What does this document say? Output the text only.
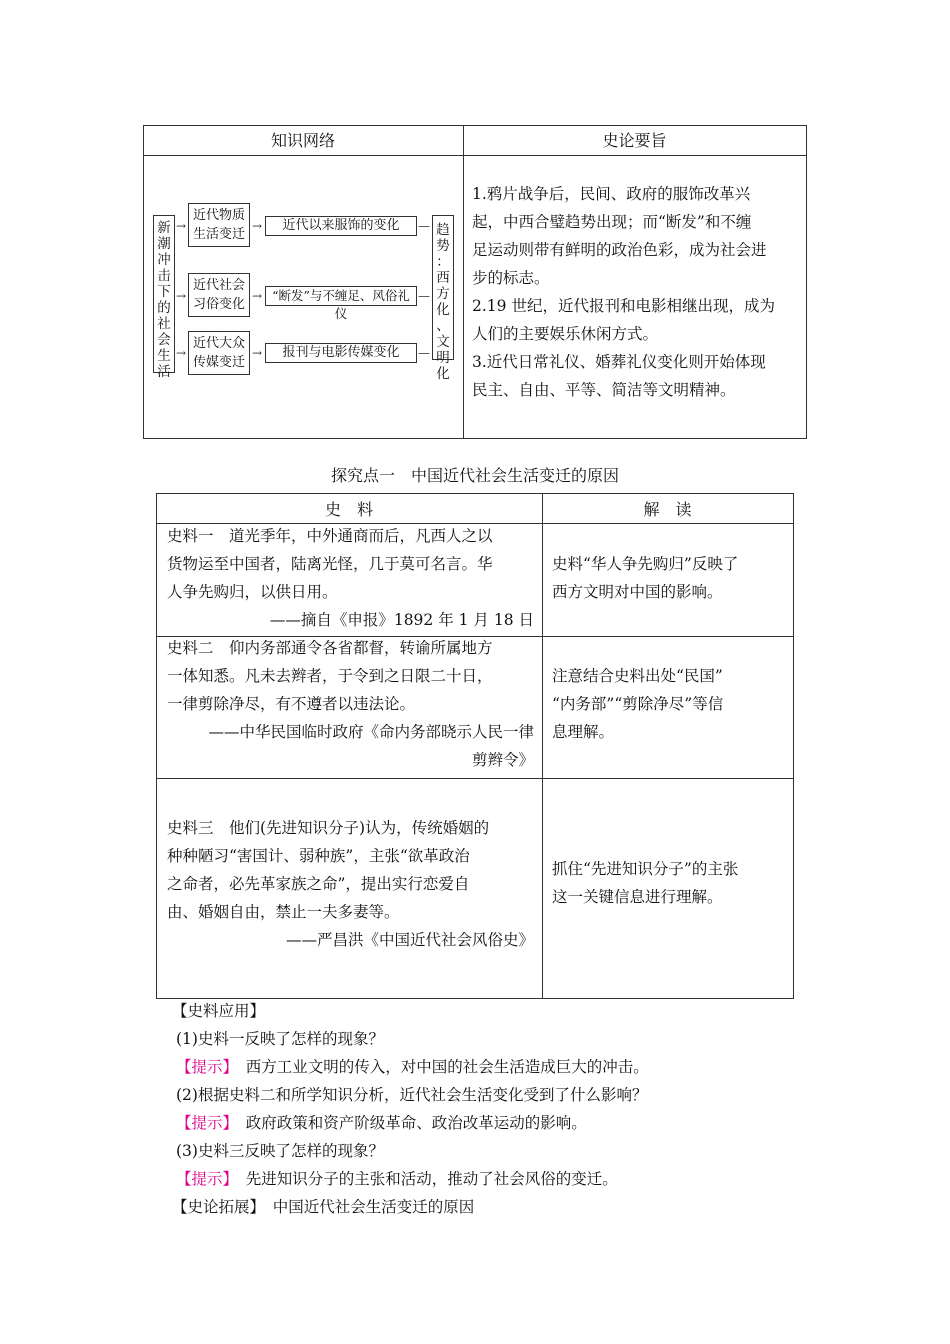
知识网络	史论要旨
新
潮
冲
击
下
的
社
会
生
活
→
→
→
近代物质
生活变迁
近代社会
习俗变化
近代大众
传媒变迁
→
→
→
近代以来服饰的变化
“断发”与不缠足、风俗礼仪
报刊与电影传媒变化
—
—
—
趋
势
：
西
方
化
、
文
明
化
1.鸦片战争后，民间、政府的服饰改革兴
起，中西合璧趋势出现；而“断发”和不缠
足运动则带有鲜明的政治色彩，成为社会进
步的标志。
2.19 世纪，近代报刊和电影相继出现，成为
人们的主要娱乐休闲方式。
3.近代日常礼仪、婚葬礼仪变化则开始体现
民主、自由、平等、简洁等文明精神。
探究点一　中国近代社会生活变迁的原因
史　料	解　读
史料一　道光季年，中外通商而后，凡西人之以
货物运至中国者，陆离光怪，几于莫可名言。华
人争先购归，以供日用。
——摘自《申报》1892 年 1 月 18 日
史料“华人争先购归”反映了
西方文明对中国的影响。
史料二　仰内务部通令各省都督，转谕所属地方
一体知悉。凡未去辫者，于令到之日限二十日，
一律剪除净尽，有不遵者以违法论。
——中华民国临时政府《命内务部晓示人民一律
剪辫令》
注意结合史料出处“民国”
“内务部”“剪除净尽”等信
息理解。
史料三　他们(先进知识分子)认为，传统婚姻的
种种陋习“害国计、弱种族”，主张“欲革政治
之命者，必先革家族之命”，提出实行恋爱自
由、婚姻自由，禁止一夫多妻等。
——严昌洪《中国近代社会风俗史》
抓住“先进知识分子”的主张
这一关键信息进行理解。
【史料应用】
(1)史料一反映了怎样的现象？
【提示】　 西方工业文明的传入，对中国的社会生活造成巨大的冲击。
(2)根据史料二和所学知识分析，近代社会生活变化受到了什么影响？
【提示】　 政府政策和资产阶级革命、政治改革运动的影响。
(3)史料三反映了怎样的现象？
【提示】　 先进知识分子的主张和活动，推动了社会风俗的变迁。
【史论拓展】　 中国近代社会生活变迁的原因
